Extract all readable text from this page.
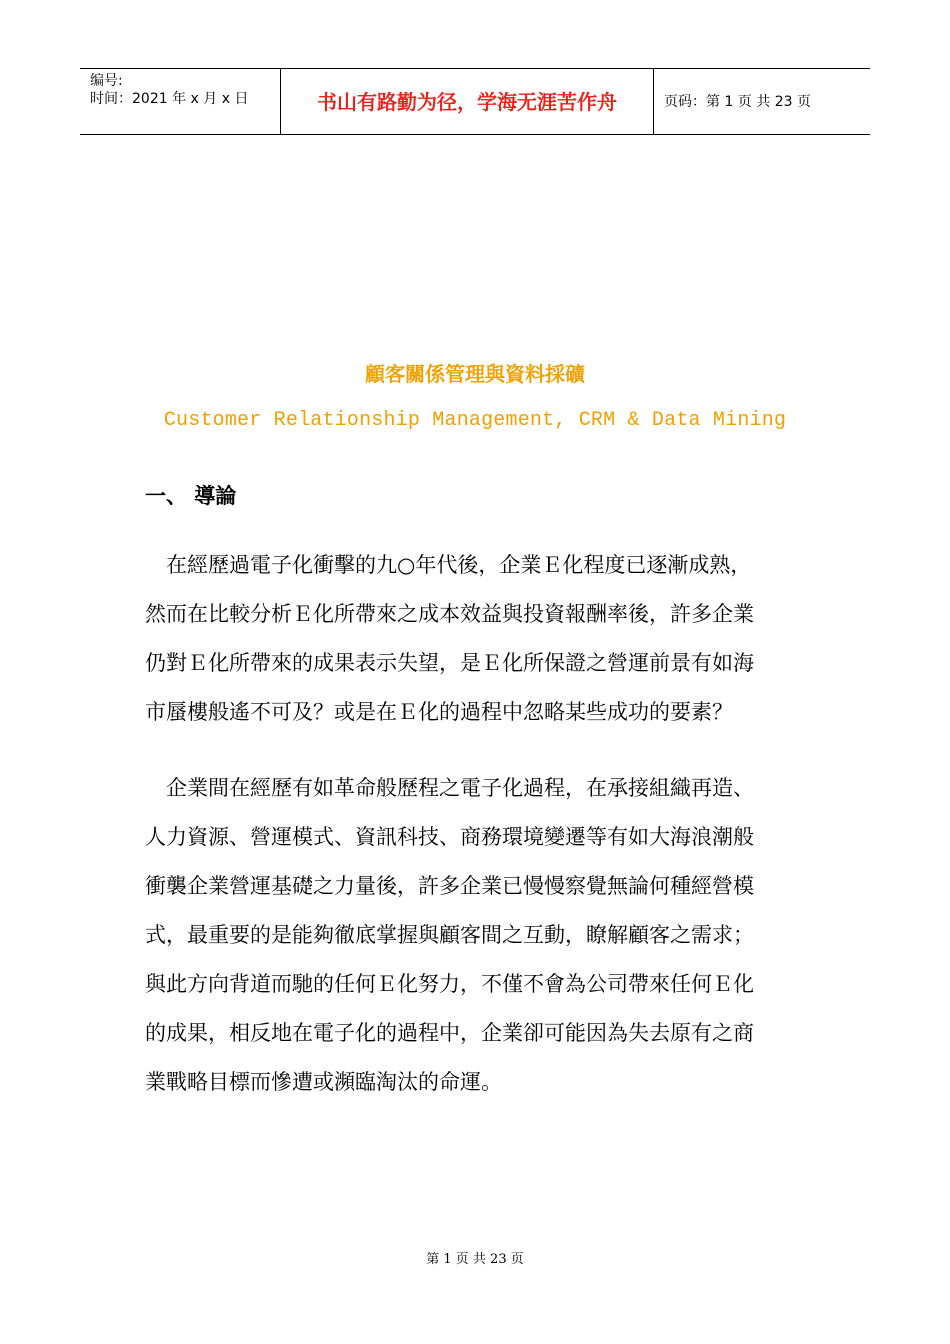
编号:
时间：2021 年 x 月 x 日	书山有路勤为径，学海无涯苦作舟	页码：第 1 页 共 23 页
顧客關係管理與資料採礦
Customer Relationship Management, CRM & Data Mining
一、 導論
　在經歷過電子化衝擊的九○年代後，企業Ｅ化程度已逐漸成熟，
然而在比較分析Ｅ化所帶來之成本效益與投資報酬率後，許多企業
仍對Ｅ化所帶來的成果表示失望，是Ｅ化所保證之營運前景有如海
市蜃樓般遙不可及？或是在Ｅ化的過程中忽略某些成功的要素？
　企業間在經歷有如革命般歷程之電子化過程，在承接組織再造、
人力資源、營運模式、資訊科技、商務環境變遷等有如大海浪潮般
衝襲企業營運基礎之力量後，許多企業已慢慢察覺無論何種經營模
式，最重要的是能夠徹底掌握與顧客間之互動，瞭解顧客之需求；
與此方向背道而馳的任何Ｅ化努力，不僅不會為公司帶來任何Ｅ化
的成果，相反地在電子化的過程中，企業卻可能因為失去原有之商
業戰略目標而慘遭或瀕臨淘汰的命運。
第 1 页 共 23 页
